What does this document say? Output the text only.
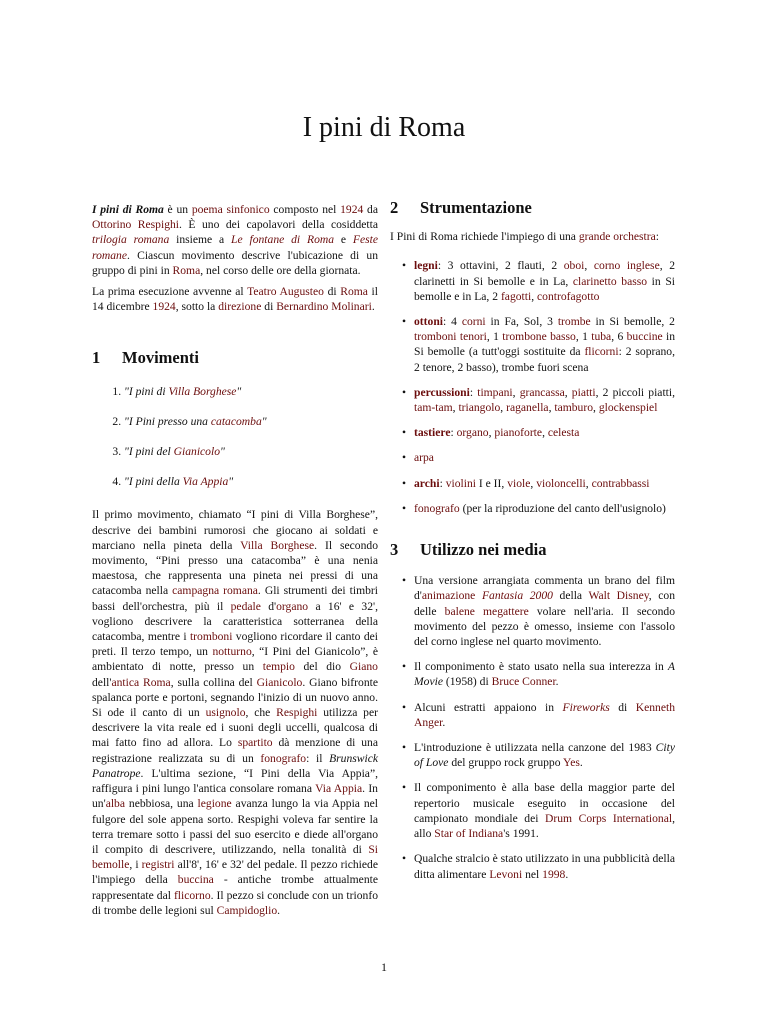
I pini di Roma

I pini di Roma è un poema sinfonico composto nel 1924 da Ottorino Respighi. È uno dei capolavori della cosiddetta trilogia romana insieme a Le fontane di Roma e Feste romane. Ciascun movimento descrive l'ubicazione di un gruppo di pini in Roma, nel corso delle ore della giornata.

La prima esecuzione avvenne al Teatro Augusteo di Roma il 14 dicembre 1924, sotto la direzione di Bernardino Molinari.

1	Movimenti
1. "I pini di Villa Borghese"
2. "I Pini presso una catacomba"
3. "I pini del Gianicolo"
4. "I pini della Via Appia"

Il primo movimento, chiamato “I pini di Villa Borghese”, descrive dei bambini rumorosi che giocano ai soldati e marciano nella pineta della Villa Borghese. Il secondo movimento, “Pini presso una catacomba” è una nenia maestosa, che rappresenta una pineta nei pressi di una catacomba nella campagna romana. Gli strumenti dei timbri bassi dell'orchestra, più il pedale d'organo a 16' e 32', vogliono descrivere la caratteristica sotterranea della catacomba, mentre i tromboni vogliono ricordare il canto dei preti. Il terzo tempo, un notturno, “I Pini del Gianicolo”, è ambientato di notte, presso un tempio del dio Giano dell'antica Roma, sulla collina del Gianicolo. Giano bifronte spalanca porte e portoni, segnando l'inizio di un nuovo anno. Si ode il canto di un usignolo, che Respighi utilizza per descrivere la vita reale ed i suoni degli uccelli, qualcosa di mai fatto fino ad allora. Lo spartito dà menzione di una registrazione realizzata su di un fonografo: il Brunswick Panatrope. L'ultima sezione, “I Pini della Via Appia”, raffigura i pini lungo l'antica consolare romana Via Appia. In un'alba nebbiosa, una legione avanza lungo la via Appia nel fulgore del sole appena sorto. Respighi voleva far sentire la terra tremare sotto i passi del suo esercito e diede all'organo il compito di descrivere, utilizzando, nella tonalità di Si bemolle, i registri all'8', 16' e 32' del pedale. Il pezzo richiede l'impiego della buccina - antiche trombe attualmente rappresentate dal flicorno. Il pezzo si conclude con un trionfo di trombe delle legioni sul Campidoglio.

2	Strumentazione

I Pini di Roma richiede l'impiego di una grande orchestra:

• legni: 3 ottavini, 2 flauti, 2 oboi, corno inglese, 2 clarinetti in Si bemolle e in La, clarinetto basso in Si bemolle e in La, 2 fagotti, controfagotto
• ottoni: 4 corni in Fa, Sol, 3 trombe in Si bemolle, 2 tromboni tenori, 1 trombone basso, 1 tuba, 6 buccine in Si bemolle (a tutt'oggi sostituite da flicorni: 2 soprano, 2 tenore, 2 basso), trombe fuori scena
• percussioni: timpani, grancassa, piatti, 2 piccoli piatti, tam-tam, triangolo, raganella, tamburo, glockenspiel
• tastiere: organo, pianoforte, celesta
• arpa
• archi: violini I e II, viole, violoncelli, contrabbassi
• fonografo (per la riproduzione del canto dell'usignolo)
3	Utilizzo nei media
• Una versione arrangiata commenta un brano del film d'animazione Fantasia 2000 della Walt Disney, con delle balene megattere volare nell'aria. Il secondo movimento del pezzo è omesso, insieme con l'assolo del corno inglese nel quarto movimento.
• Il componimento è stato usato nella sua interezza in A Movie (1958) di Bruce Conner.
• Alcuni estratti appaiono in Fireworks di Kenneth Anger.
• L'introduzione è utilizzata nella canzone del 1983 City of Love del gruppo rock gruppo Yes.
• Il componimento è alla base della maggior parte del repertorio musicale eseguito in occasione del campionato mondiale dei Drum Corps International, allo Star of Indiana's 1991.
• Qualche stralcio è stato utilizzato in una pubblicità della ditta alimentare Levoni nel 1998.
1
